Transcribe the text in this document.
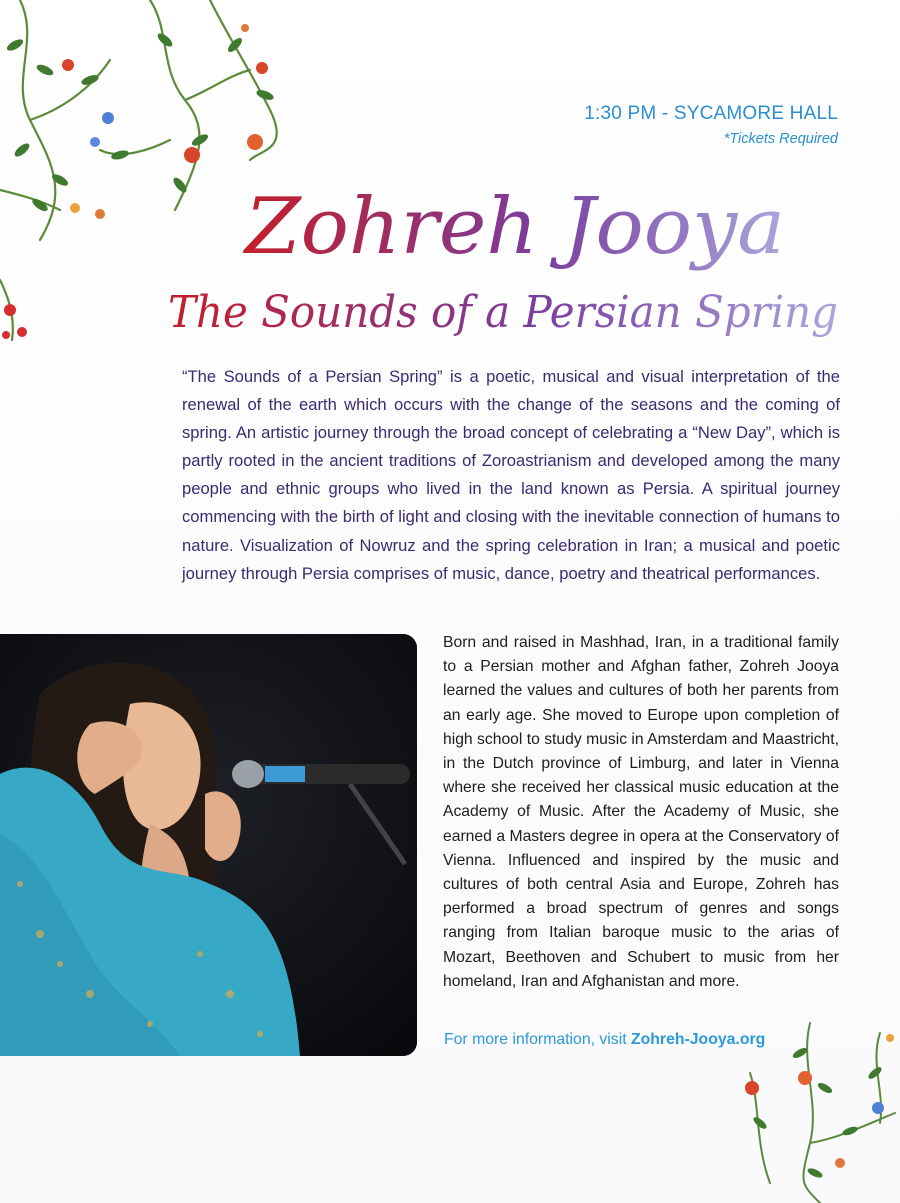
1:30 PM - SYCAMORE HALL
*Tickets Required
Zohreh Jooya
The Sounds of a Persian Spring

“The Sounds of a Persian Spring” is a poetic, musical and visual interpretation of the renewal of the earth which occurs with the change of the seasons and the coming of spring. An artistic journey through the broad concept of celebrating a “New Day”, which is partly rooted in the ancient traditions of Zoroastrianism and developed among the many people and ethnic groups who lived in the land known as Persia. A spiritual journey commencing with the birth of light and closing with the inevitable connection of humans to nature. Visualization of Nowruz and the spring celebration in Iran; a musical and poetic journey through Persia comprises of music, dance, poetry and theatrical performances.

Born and raised in Mashhad, Iran, in a traditional family to a Persian mother and Afghan father, Zohreh Jooya learned the values and cultures of both her parents from an early age. She moved to Europe upon completion of high school to study music in Amsterdam and Maastricht, in the Dutch province of Limburg, and later in Vienna where she received her classical music education at the Academy of Music. After the Academy of Music, she earned a Masters degree in opera at the Conservatory of Vienna. Influenced and inspired by the music and cultures of both central Asia and Europe, Zohreh has performed a broad spectrum of genres and songs ranging from Italian baroque music to the arias of Mozart, Beethoven and Schubert to music from her homeland, Iran and Afghanistan and more.

For more information, visit Zohreh-Jooya.org
